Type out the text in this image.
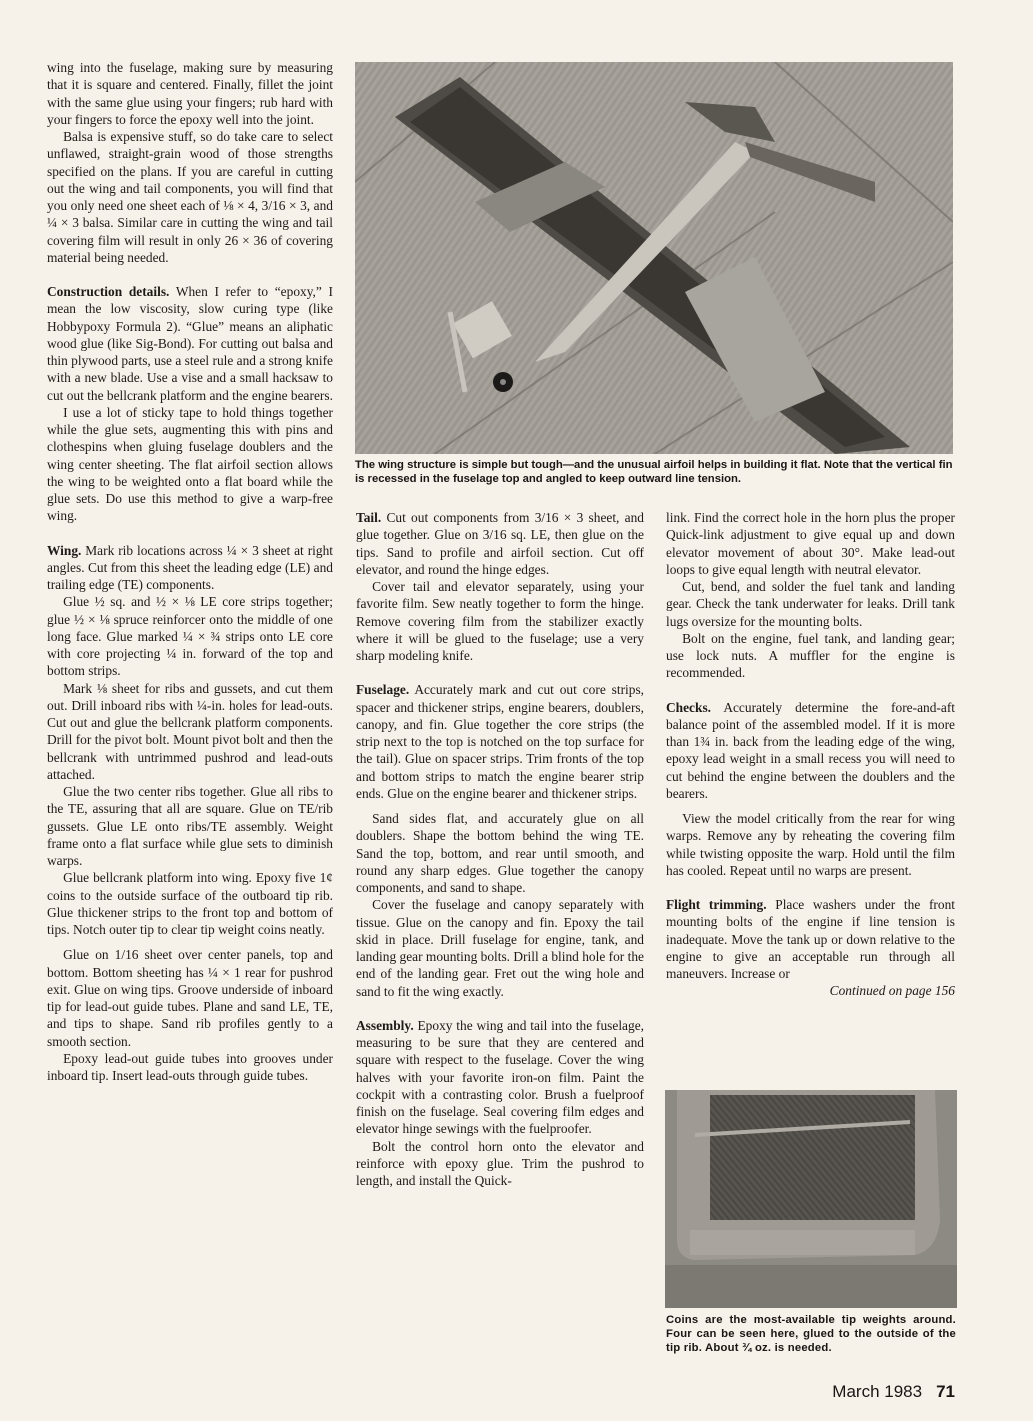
wing into the fuselage, making sure by measuring that it is square and centered. Finally, fillet the joint with the same glue using your fingers; rub hard with your fingers to force the epoxy well into the joint.

Balsa is expensive stuff, so do take care to select unflawed, straight-grain wood of those strengths specified on the plans. If you are careful in cutting out the wing and tail components, you will find that you only need one sheet each of ⅛ × 4, 3/16 × 3, and ¼ × 3 balsa. Similar care in cutting the wing and tail covering film will result in only 26 × 36 of covering material being needed.

Construction details. When I refer to “epoxy,” I mean the low viscosity, slow curing type (like Hobbypoxy Formula 2). “Glue” means an aliphatic wood glue (like Sig-Bond). For cutting out balsa and thin plywood parts, use a steel rule and a strong knife with a new blade. Use a vise and a small hacksaw to cut out the bellcrank platform and the engine bearers.

I use a lot of sticky tape to hold things together while the glue sets, augmenting this with pins and clothespins when gluing fuselage doublers and the wing center sheeting. The flat airfoil section allows the wing to be weighted onto a flat board while the glue sets. Do use this method to give a warp-free wing.

Wing. Mark rib locations across ¼ × 3 sheet at right angles. Cut from this sheet the leading edge (LE) and trailing edge (TE) components.

Glue ½ sq. and ½ × ⅛ LE core strips together; glue ½ × ⅛ spruce reinforcer onto the middle of one long face. Glue marked ¼ × ¾ strips onto LE core with core projecting ¼ in. forward of the top and bottom strips.

Mark ⅛ sheet for ribs and gussets, and cut them out. Drill inboard ribs with ¼-in. holes for lead-outs. Cut out and glue the bellcrank platform components. Drill for the pivot bolt. Mount pivot bolt and then the bellcrank with untrimmed pushrod and lead-outs attached.

Glue the two center ribs together. Glue all ribs to the TE, assuring that all are square. Glue on TE/rib gussets. Glue LE onto ribs/TE assembly. Weight frame onto a flat surface while glue sets to diminish warps.

Glue bellcrank platform into wing. Epoxy five 1¢ coins to the outside surface of the outboard tip rib. Glue thickener strips to the front top and bottom of tips. Notch outer tip to clear tip weight coins neatly.

Glue on 1/16 sheet over center panels, top and bottom. Bottom sheeting has ¼ × 1 rear for pushrod exit. Glue on wing tips. Groove underside of inboard tip for lead-out guide tubes. Plane and sand LE, TE, and tips to shape. Sand rib profiles gently to a smooth section.

Epoxy lead-out guide tubes into grooves under inboard tip. Insert lead-outs through guide tubes.

The wing structure is simple but tough—and the unusual airfoil helps in building it flat. Note that the vertical fin is recessed in the fuselage top and angled to keep outward line tension.

Tail. Cut out components from 3/16 × 3 sheet, and glue together. Glue on 3/16 sq. LE, then glue on the tips. Sand to profile and airfoil section. Cut off elevator, and round the hinge edges.

Cover tail and elevator separately, using your favorite film. Sew neatly together to form the hinge. Remove covering film from the stabilizer exactly where it will be glued to the fuselage; use a very sharp modeling knife.

Fuselage. Accurately mark and cut out core strips, spacer and thickener strips, engine bearers, doublers, canopy, and fin. Glue together the core strips (the strip next to the top is notched on the top surface for the tail). Glue on spacer strips. Trim fronts of the top and bottom strips to match the engine bearer strip ends. Glue on the engine bearer and thickener strips.

Sand sides flat, and accurately glue on all doublers. Shape the bottom behind the wing TE. Sand the top, bottom, and rear until smooth, and round any sharp edges. Glue together the canopy components, and sand to shape.

Cover the fuselage and canopy separately with tissue. Glue on the canopy and fin. Epoxy the tail skid in place. Drill fuselage for engine, tank, and landing gear mounting bolts. Drill a blind hole for the end of the landing gear. Fret out the wing hole and sand to fit the wing exactly.

Assembly. Epoxy the wing and tail into the fuselage, measuring to be sure that they are centered and square with respect to the fuselage. Cover the wing halves with your favorite iron-on film. Paint the cockpit with a contrasting color. Brush a fuelproof finish on the fuselage. Seal covering film edges and elevator hinge sewings with the fuelproofer.

Bolt the control horn onto the elevator and reinforce with epoxy glue. Trim the pushrod to length, and install the Quick-

link. Find the correct hole in the horn plus the proper Quick-link adjustment to give equal up and down elevator movement of about 30°. Make lead-out loops to give equal length with neutral elevator.

Cut, bend, and solder the fuel tank and landing gear. Check the tank underwater for leaks. Drill tank lugs oversize for the mounting bolts.

Bolt on the engine, fuel tank, and landing gear; use lock nuts. A muffler for the engine is recommended.

Checks. Accurately determine the fore-and-aft balance point of the assembled model. If it is more than 1¾ in. back from the leading edge of the wing, epoxy lead weight in a small recess you will need to cut behind the engine between the doublers and the bearers.

View the model critically from the rear for wing warps. Remove any by reheating the covering film while twisting opposite the warp. Hold until the film has cooled. Repeat until no warps are present.

Flight trimming. Place washers under the front mounting bolts of the engine if line tension is inadequate. Move the tank up or down relative to the engine to give an acceptable run through all maneuvers. Increase or

Continued on page 156

Coins are the most-available tip weights around. Four can be seen here, glued to the outside of the tip rib. About ¾ oz. is needed.
March 1983 71
